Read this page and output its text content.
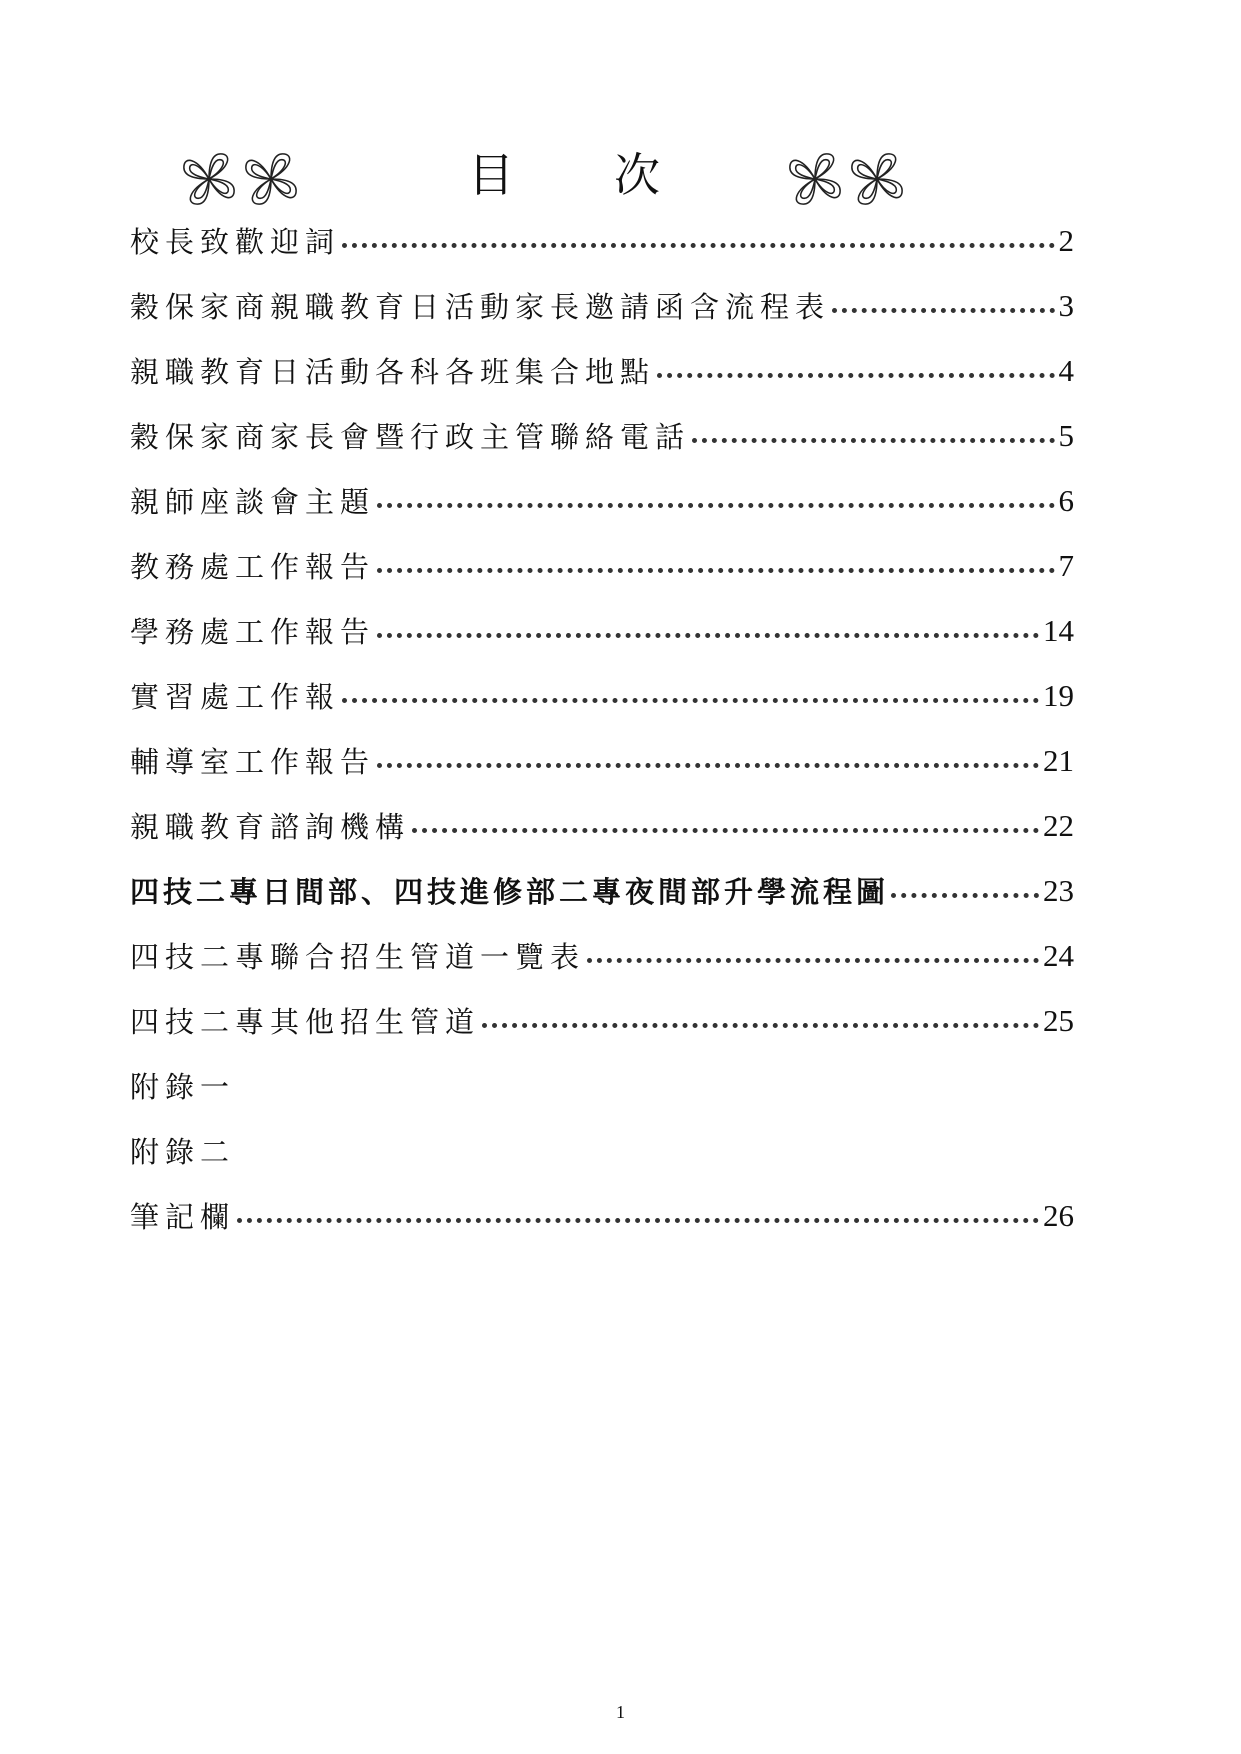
目 次
校長致歡迎詞	2
穀保家商親職教育日活動家長邀請函含流程表	3
親職教育日活動各科各班集合地點	4
穀保家商家長會暨行政主管聯絡電話	5
親師座談會主題	6
教務處工作報告	7
學務處工作報告	14
實習處工作報	19
輔導室工作報告	21
親職教育諮詢機構	22
四技二專日間部、四技進修部二專夜間部升學流程圖	23
四技二專聯合招生管道一覽表	24
四技二專其他招生管道	25
附錄一
附錄二
筆記欄	26
1
